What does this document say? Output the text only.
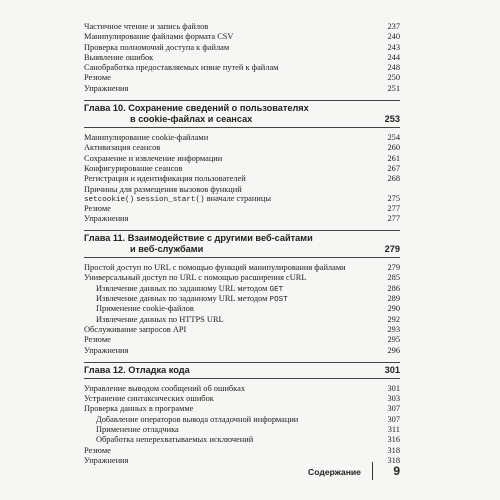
Частичное чтение и запись файлов	237
Манипулирование файлами формата CSV	240
Проверка полномочий доступа к файлам	243
Выявление ошибок	244
Санобработка предоставляемых извне путей к файлам	248
Резюме	250
Упражнения	251
Глава 10. Сохранение сведений о пользователях
в cookie-файлах и сеансах	253
Манипулирование cookie-файлами	254
Активизация сеансов	260
Сохранение и извлечение информации	261
Конфигурирование сеансов	267
Регистрация и идентификация пользователей	268
Причины для размещения вызовов функций
setcookie() session_start() вначале страницы	275
Резюме	277
Упражнения	277
Глава 11. Взаимодействие с другими веб-сайтами
и веб-службами	279
Простой доступ по URL с помощью функций манипулирования файлами	279
Универсальный доступ по URL с помощью расширения cURL	285
Извлечение данных по заданному URL методом GET	286
Извлечение данных по заданному URL методом POST	289
Применение cookie-файлов	290
Извлечение данных по HTTPS URL	292
Обслуживание запросов API	293
Резюме	295
Упражнения	296
Глава 12. Отладка кода	301
Управление выводом сообщений об ошибках	301
Устранение синтаксических ошибок	303
Проверка данных в программе	307
Добавление операторов вывода отладочной информации	307
Применение отладчика	311
Обработка неперехватываемых исключений	316
Резюме	318
Упражнения	318
Содержание	9
